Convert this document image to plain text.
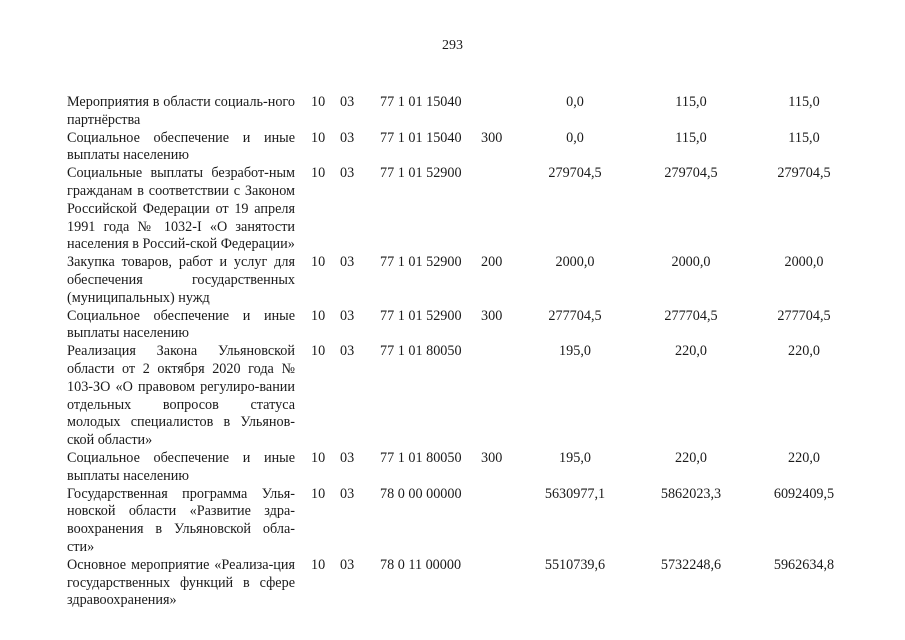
293
Мероприятия в области социаль-ного партнёрства
10 03 77 1 01 15040	0,0	115,0	115,0
Социальное обеспечение и иные выплаты населению
10 03 77 1 01 15040	300	0,0	115,0	115,0
Социальные выплаты безработ-ным гражданам в соответствии с Законом Российской Федерации от 19 апреля 1991 года № 1032-I «О занятости населения в Россий-ской Федерации»
10 03 77 1 01 52900	279704,5	279704,5	279704,5
Закупка товаров, работ и услуг для обеспечения государственных (муниципальных) нужд
10 03 77 1 01 52900	200	2000,0	2000,0	2000,0
Социальное обеспечение и иные выплаты населению
10 03 77 1 01 52900	300	277704,5	277704,5	277704,5
Реализация Закона Ульяновской области от 2 октября 2020 года № 103-ЗО «О правовом регулиро-вании отдельных вопросов статуса молодых специалистов в Ульянов-ской области»
10 03 77 1 01 80050	195,0	220,0	220,0
Социальное обеспечение и иные выплаты населению
10 03 77 1 01 80050	300	195,0	220,0	220,0
Государственная программа Улья-новской области «Развитие здра-воохранения в Ульяновской обла-сти»
10 03 78 0 00 00000	5630977,1	5862023,3	6092409,5
Основное мероприятие «Реализа-ция государственных функций в сфере здравоохранения»
10 03 78 0 11 00000	5510739,6	5732248,6	5962634,8
